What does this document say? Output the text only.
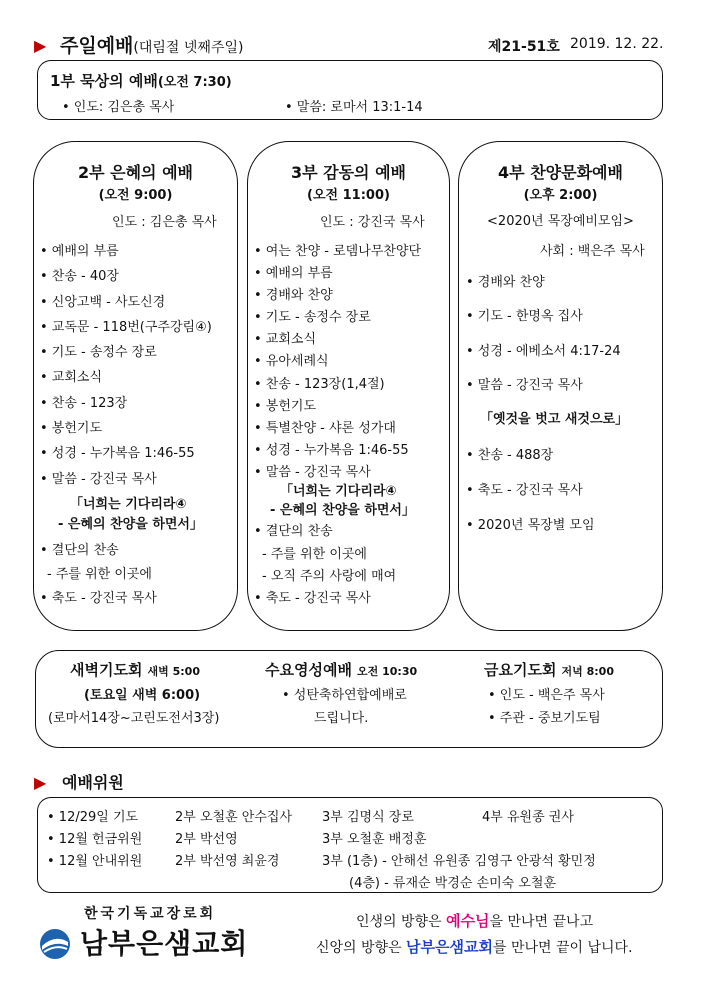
▶ 주일예배(대림절 넷째주일)	제21-51호 2019. 12. 22.
1부 묵상의 예배(오전 7:30)
• 인도: 김은총 목사	• 말씀: 로마서 13:1-14
2부 은혜의 예배
(오전 9:00)
인도 : 김은총 목사
• 예배의 부름
• 찬송 - 40장
• 신앙고백 - 사도신경
• 교독문 - 118번(구주강림④)
• 기도 - 송정수 장로
• 교회소식
• 찬송 - 123장
• 봉헌기도
• 성경 - 누가복음 1:46-55
• 말씀 - 강진국 목사
「너희는 기다리라④
- 은혜의 찬양을 하면서」
• 결단의 찬송
- 주를 위한 이곳에
• 축도 - 강진국 목사
3부 감동의 예배
(오전 11:00)
인도 : 강진국 목사
• 여는 찬양 - 로뎀나무찬양단
• 예배의 부름
• 경배와 찬양
• 기도 - 송정수 장로
• 교회소식
• 유아세례식
• 찬송 - 123장(1,4절)
• 봉헌기도
• 특별찬양 - 샤론 성가대
• 성경 - 누가복음 1:46-55
• 말씀 - 강진국 목사
「너희는 기다리라④
- 은혜의 찬양을 하면서」
• 결단의 찬송
- 주를 위한 이곳에
- 오직 주의 사랑에 매여
• 축도 - 강진국 목사
4부 찬양문화예배
(오후 2:00)
<2020년 목장예비모임>
사회 : 백은주 목사
• 경배와 찬양
• 기도 - 한명옥 집사
• 성경 - 에베소서 4:17-24
• 말씀 - 강진국 목사
「옛것을 벗고 새것으로」
• 찬송 - 488장
• 축도 - 강진국 목사
• 2020년 목장별 모임
새벽기도회 새벽 5:00
(토요일 새벽 6:00)
(로마서14장~고린도전서3장)
수요영성예배 오전 10:30
• 성탄축하연합예배로
드립니다.
금요기도회 저녁 8:00
• 인도 - 백은주 목사
• 주관 - 중보기도팀
▶ 예배위원
• 12/29일 기도	2부 오철훈 안수집사 3부 김명식 장로	4부 유원종 권사
• 12월 헌금위원	2부 박선영	3부 오철훈 배정훈
• 12월 안내위원	2부 박선영 최윤경	3부 (1층) - 안해선 유원종 김영구 안광석 황민정
(4층) - 류재순 박경순 손미숙 오철훈
한국기독교장로회
남부은샘교회
인생의 방향은 예수님을 만나면 끝나고
신앙의 방향은 남부은샘교회를 만나면 끝이 납니다.
